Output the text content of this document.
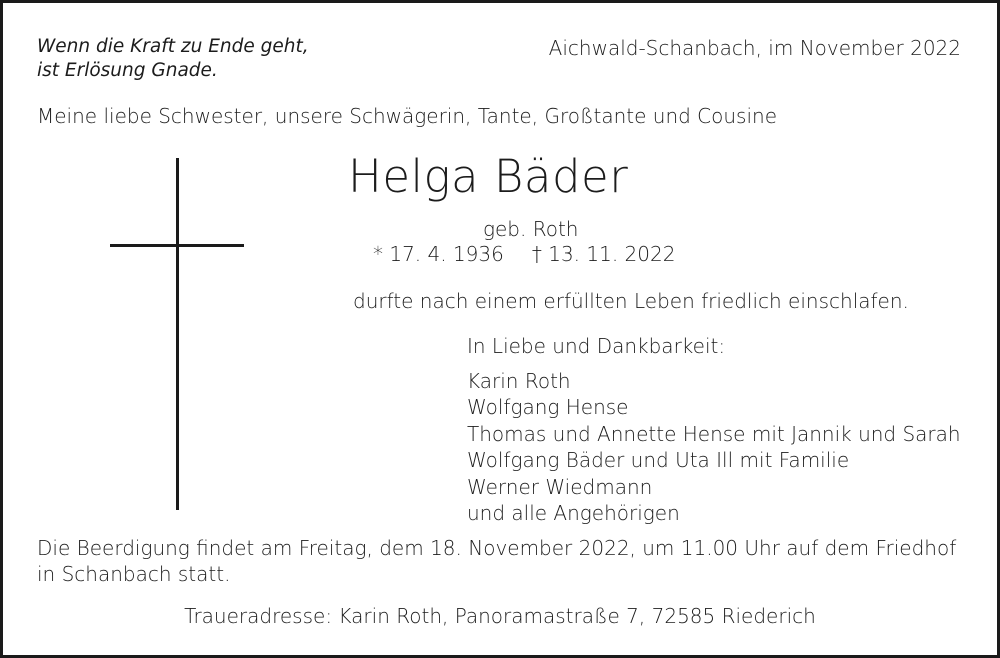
Wenn die Kraft zu Ende geht,
ist Erlösung Gnade.
Aichwald-Schanbach, im November 2022
Meine liebe Schwester, unsere Schwägerin, Tante, Großtante und Cousine
Helga Bäder
geb. Roth
* 17. 4. 1936 † 13. 11. 2022
durfte nach einem erfüllten Leben friedlich einschlafen.
In Liebe und Dankbarkeit:
Karin Roth
Wolfgang Hense
Thomas und Annette Hense mit Jannik und Sarah
Wolfgang Bäder und Uta Ill mit Familie
Werner Wiedmann
und alle Angehörigen
Die Beerdigung findet am Freitag, dem 18. November 2022, um 11.00 Uhr auf dem Friedhof
in Schanbach statt.
Traueradresse: Karin Roth, Panoramastraße 7, 72585 Riederich
